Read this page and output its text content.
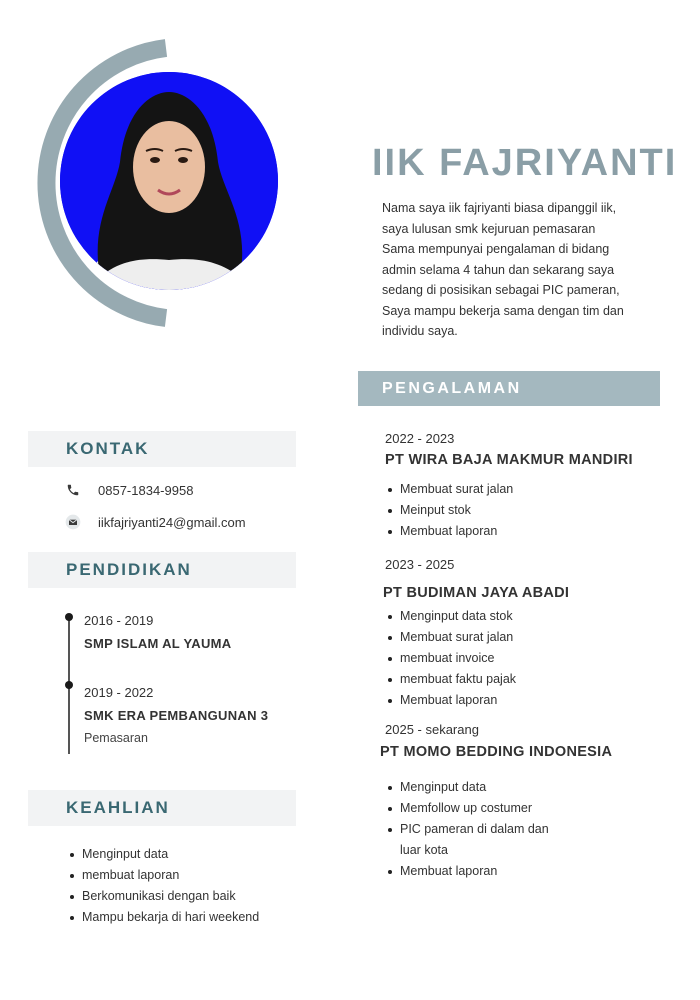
IIK FAJRIYANTI
Nama saya iik fajriyanti biasa dipanggil iik,
saya lulusan smk kejuruan pemasaran
Sama mempunyai pengalaman di bidang
admin selama 4 tahun dan sekarang saya
sedang di posisikan sebagai PIC pameran,
Saya mampu bekerja sama dengan tim dan
individu saya.
PENGALAMAN
KONTAK
0857-1834-9958
iikfajriyanti24@gmail.com
PENDIDIKAN
2016 - 2019
SMP ISLAM AL YAUMA
2019 - 2022
SMK ERA PEMBANGUNAN 3
Pemasaran
KEAHLIAN
Menginput data
membuat laporan
Berkomunikasi dengan baik
Mampu bekarja di hari weekend
2022 - 2023
PT WIRA BAJA MAKMUR MANDIRI
Membuat surat jalan
Meinput stok
Membuat laporan
2023 - 2025
PT BUDIMAN JAYA ABADI
Menginput data stok
Membuat surat jalan
membuat invoice
membuat faktu pajak
Membuat laporan
2025 - sekarang
PT MOMO BEDDING INDONESIA
Menginput data
Memfollow up costumer
PIC pameran di dalam dan
luar kota
Membuat laporan
